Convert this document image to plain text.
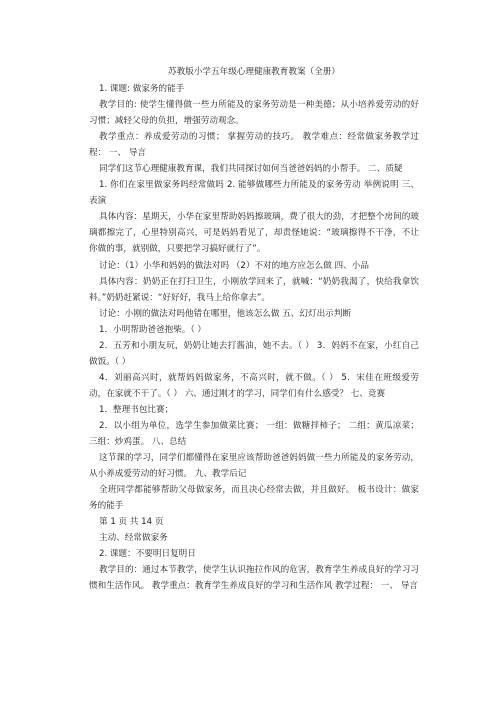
苏教版小学五年级心理健康教育教案（全册）

1. 课题: 做家务的能手

教学目的: 使学生懂得做一些力所能及的家务劳动是一种美德；从小培养爱劳动的好习惯；减轻父母的负担，增强劳动观念。

教学重点：养成爱劳动的习惯； 掌握劳动的技巧。 教学难点：经常做家务教学过程： 一、 导言

同学们这节心理健康教育课，我们共同探讨如何当爸爸妈妈的小帮手。 二、质疑

1. 你们在家里做家务吗经常做吗 2. 能够做哪些力所能及的家务劳动 举例说明 三、表演

具体内容：星期天，小华在家里帮助妈妈擦玻璃，费了很大的劲，才把整个房间的玻璃都擦完了，心里特别高兴，可是妈妈看见了，却责怪她说：“玻璃擦得不干净，不让你做的事，就别做，只要把学习搞好就行了”。

讨论：（1）小华和妈妈的做法对吗 （2）不对的地方应怎么做 四、小品

具体内容：奶奶正在打扫卫生，小刚放学回来了，就喊：“奶奶我渴了，快给我拿饮料。”奶奶赶紧说：“好好好，我马上给你拿去”。

讨论：小刚的做法对吗他错在哪里，他该怎么做 五、幻灯出示判断

1．小明帮助爸爸抱柴。（ ）

2．五芳和小朋友玩，奶奶让她去打酱油，她不去。（ ） 3．妈妈不在家，小红自己做饭。（ ）

4．刘丽高兴时，就帮妈妈做家务，不高兴时，就不做。（ ） 5．宋佳在班级爱劳动，在家就不干了。（ ） 六、通过刚才的学习，同学们有什么感受？ 七、竞赛

1．整理书包比赛；

2．以小组为单位，选学生参加做菜比赛； 一组：做糖拌柿子； 二组：黄瓜凉菜； 三组：炒鸡蛋。 八、总结

这节课的学习，同学们都懂得在家里应该帮助爸爸妈妈做一些力所能及的家务劳动，从小养成爱劳动的好习惯。 九、教学后记

全班同学都能够帮助父母做家务，而且决心经常去做，并且做好。 板书设计：做家务的能手

第 1 页 共 14 页

主动、经常做家务

2. 课题：不要明日复明日

教学目的：通过本节教学，使学生认识拖拉作风的危害，教育学生养成良好的学习习惯和生活作风。 教学重点：教育学生养成良好的学习和生活作风 教学过程： 一、 导言
